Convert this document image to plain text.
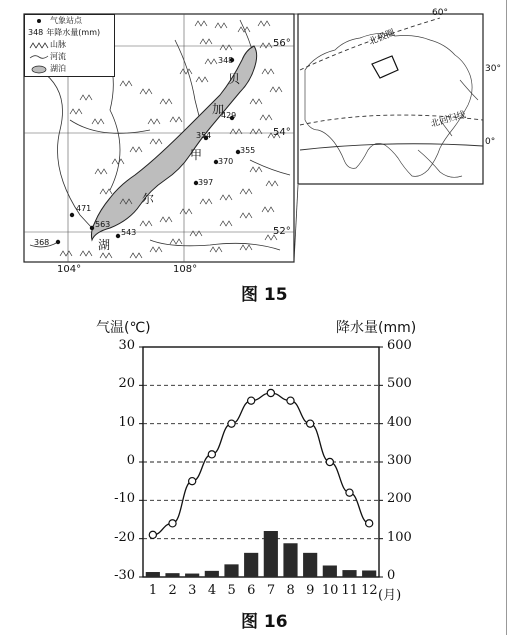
气象站点
348 年降水量(mm)
山脉
河流
湖泊
56°
54°
52°
104°	108°
贝
加
尔
湖
甲
348
429
354
355
370
397
471
563
368
543
60°
30°
0°
北极圈
北回归线
图 15
气温(℃)	降水量(mm)
30
20
10
0
-10
-20
-30
600
500
400
300
200
100
0
1 2 3 4 5 6 7 8 9 10 11 12 (月)
图 16
